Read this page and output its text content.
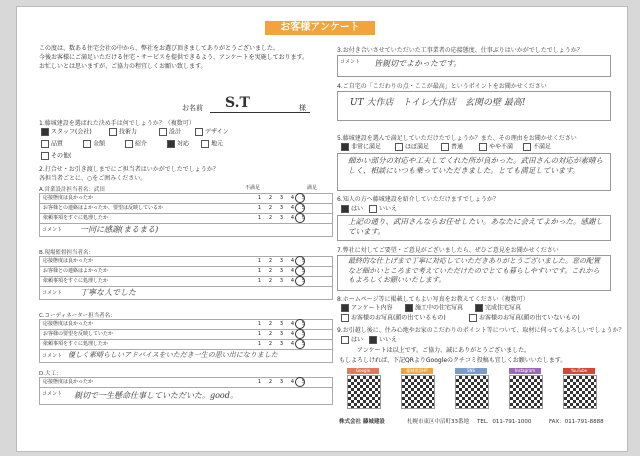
お客様アンケート
この度は、数ある住宅会社の中から、弊社をお選び頂きましてありがとうございました。
今後お客様にご満足いただける住宅・サービスを提供できるよう、アンケートを実施しております。
お忙しいとは思いますが、ご協力の程宜しくお願い致します。
お名前 S.T	様
1.藤城建設を選ばれた決め手は何でしょうか？（複数可）
スタッフ(会社)	技術力	設計	デザイン
品質	金額	紹介	対応	地元
その他(
2.打合せ・お引き渡しまでにご担当者はいかがでしたでしょうか？
各担当者ごとに、○をご囲みください。
A.営業設計担当者名：武田	不満足	満足
応接態度は良かったか	1 2 3 4 5
お客様との連絡はよかったか、要望は反映しているか	1 2 3 4 5
依頼事項をすぐに処理したか	1 2 3 4 5
コメント 一同に感謝(まるまる)
B.現場監督担当者名：
応接態度は良かったか	1 2 3 4 5
お客様との連絡はよかったか	1 2 3 4 5
依頼事項をすぐに処理したか	1 2 3 4 5
コメント 丁寧な人でした
C.コーディネーター担当者名：
応接態度は良かったか	1 2 3 4 5
お客様の要望を反映していたか	1 2 3 4 5
依頼事項をすぐに処理したか	1 2 3 4 5
コメント 優しく素晴らしいアドバイスをいただき一生の思い出になりました
D.大工：
応接態度は良かったか	1 2 3 4 5
コメント 親切で一生懸命仕事していただいた。good。
3.お付き合いさせていただいた工事業者の応接態度、仕事ぶりはいかがでしたでしょうか？
コメント 皆親切でよかったです。
4.ご自宅の「こだわりの点・ここが最高」というポイントをお聞かせください
UT 大作店　トイレ大作店　玄関の壁 最高!
5.藤城建設を選んで満足していただけたでしょうか？また、その理由をお聞かせください
非常に満足	ほぼ満足	普通	やや不満	不満足
細かい部分の対応や工夫してくれた所が良かった。武田さんの対応が素晴らしく、相談にいつも乗っていただきました。とても満足しています。
6.知人の方へ藤城建設を紹介していただけますでしょうか？
はい	いいえ
上記の通り、武田さんならお任せしたい。あなたに会えてよかった。感謝しています。
7.弊社に対してご要望・ご意見がございましたら、ぜひご意見をお聞かせください
最終的な仕上げまで丁寧に対応していただきありがとうございました。窓の配置など細かいところまで考えていただけたのでとても暮らしやすいです。これからもよろしくお願いいたします。
8.ホームページ等に掲載してもよい写真をお教えてください（複数可）
アンケート内容	施工中の住宅写真	完成住宅写真
お客様のお写真(顔の出ているもの)	お客様のお写真(顔の出ていないもの)
9.お引越し後に、住み心地やお家のこだわりのポイント等について、取材に伺ってもよろしいでしょうか？
はい	いいえ
アンケートは以上です。ご協力、誠にありがとうございました。
もしよろしければ、下記QRよりGoogleのクチコミ投稿も宜しくお願いいたします。
Google	藤城建設HP	SNS	Instagram	YouTube
株式会社 藤城建設	札幌市東区中沼町33番地 TEL．011-791-1000	FAX：011-791-8888
